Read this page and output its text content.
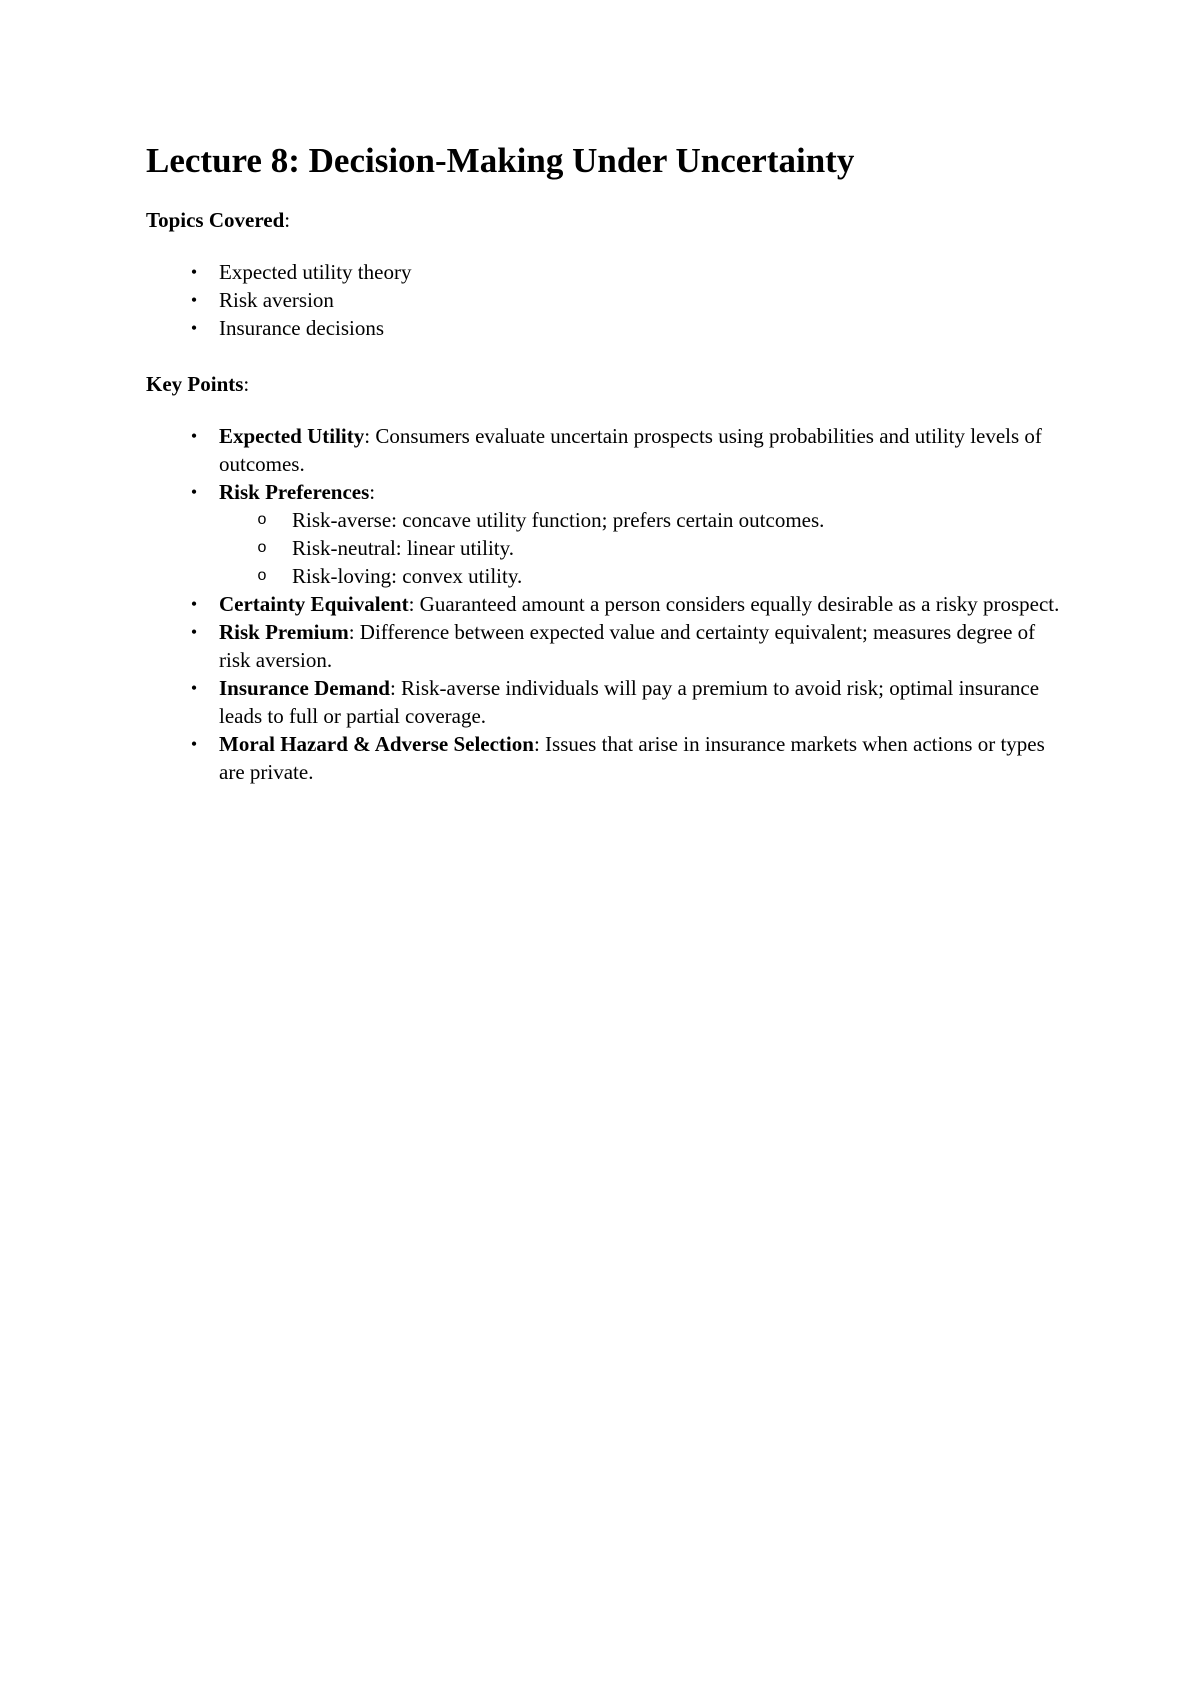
Lecture 8: Decision-Making Under Uncertainty

Topics Covered:

•	Expected utility theory
•	Risk aversion
•	Insurance decisions

Key Points:

•	Expected Utility: Consumers evaluate uncertain prospects using probabilities and utility levels of outcomes.
•	Risk Preferences:
o Risk-averse: concave utility function; prefers certain outcomes.
o Risk-neutral: linear utility.
o Risk-loving: convex utility.
•	Certainty Equivalent: Guaranteed amount a person considers equally desirable as a risky prospect.
•	Risk Premium: Difference between expected value and certainty equivalent; measures degree of risk aversion.
•	Insurance Demand: Risk-averse individuals will pay a premium to avoid risk; optimal insurance leads to full or partial coverage.
•	Moral Hazard & Adverse Selection: Issues that arise in insurance markets when actions or types are private.
